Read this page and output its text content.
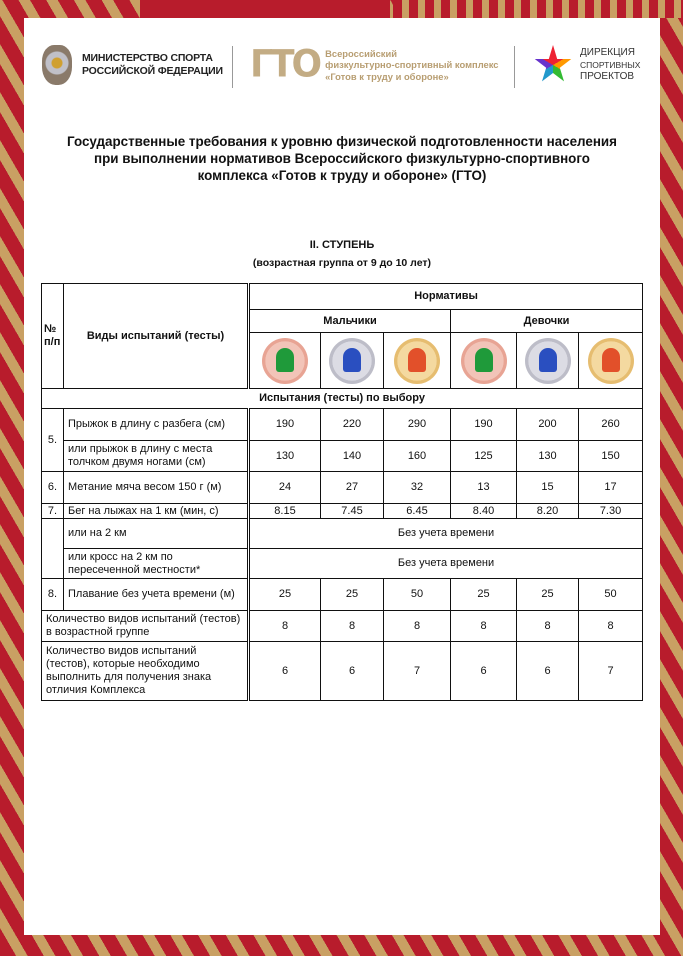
МИНИСТЕРСТВО СПОРТА
РОССИЙСКОЙ ФЕДЕРАЦИИ ГТО Всероссийский
физкультурно-спортивный комплекс
«Готов к труду и обороне»
ДИРЕКЦИЯ
СПОРТИВНЫХ
ПРОЕКТОВ
Государственные требования к уровню физической подготовленности населения
при выполнении нормативов Всероссийского физкультурно-спортивного
комплекса «Готов к труду и обороне» (ГТО)
II. СТУПЕНЬ
(возрастная группа от 9 до 10 лет)
№ п/п	Виды испытаний (тесты)	Нормативы					
		Мальчики			Девочки		

Испытания (тесты) по выбору							
5.	Прыжок в длину с разбега (см)	190	220	290	190	200	260
	или прыжок в длину с места толчком двумя ногами (см)	130	140	160	125	130	150
6.	Метание мяча весом 150 г (м)	24	27	32	13	15	17
7.	Бег на лыжах на 1 км (мин, с)	8.15	7.45	6.45	8.40	8.20	7.30
	или на 2 км	Без учета времени					
	или кросс на 2 км по пересеченной местности*	Без учета времени					
8.	Плавание без учета времени (м)	25	25	50	25	25	50
Количество видов испытаний (тестов) в возрастной группе		8	8	8	8	8	8
Количество видов испытаний (тестов), которые необходимо выполнить для получения знака отличия Комплекса		6	6	7	6	6	7
